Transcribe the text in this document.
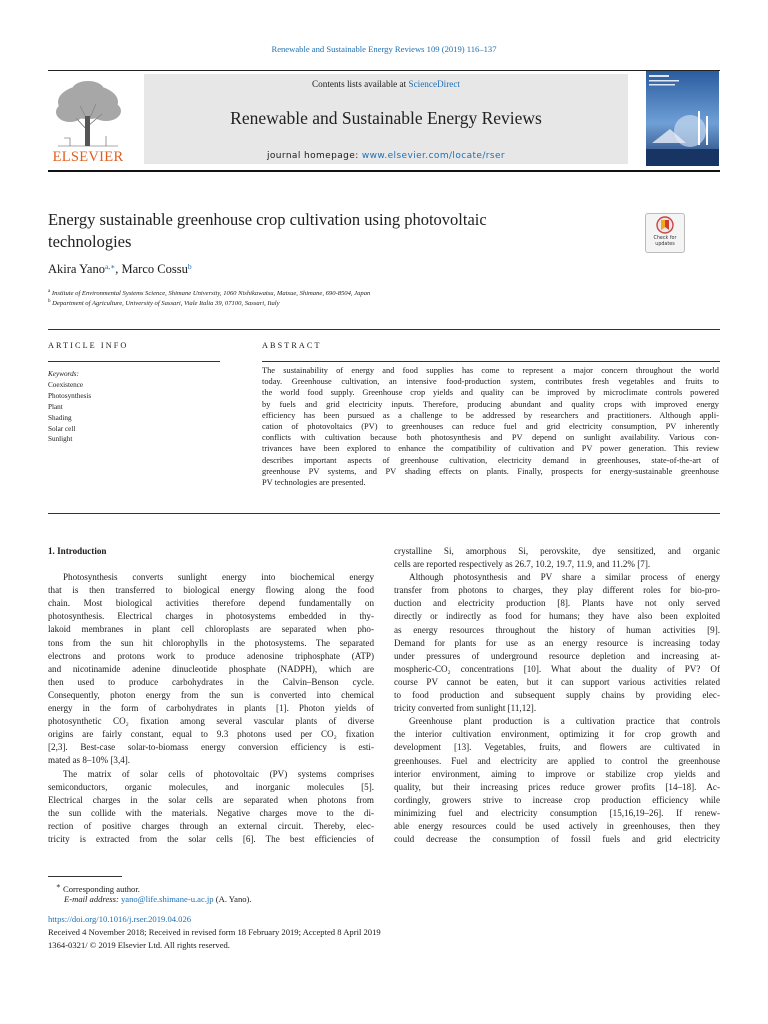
Renewable and Sustainable Energy Reviews 109 (2019) 116–137
ELSEVIER
Contents lists available at ScienceDirect
Renewable and Sustainable Energy Reviews
journal homepage: www.elsevier.com/locate/rser
Energy sustainable greenhouse crop cultivation using photovoltaic
technologies	Check for updates
Akira Yano$^{a,∗}$, Marco Cossu$^b$
$^a$ Institute of Environmental Systems Science, Shimane University, 1060 Nishikawatsu, Matsue, Shimane, 690-8504, Japan
$^b$ Department of Agriculture, University of Sassari, Viale Italia 39, 07100, Sassari, Italy
ARTICLE INFO	ABSTRACT
Keywords:
Coexistence
Photosynthesis
Plant
Shading
Solar cell
Sunlight
The sustainability of energy and food supplies has come to represent a major concern throughout the world
today. Greenhouse cultivation, an intensive food-production system, contributes fresh vegetables and fruits to
the world food supply. Greenhouse crop yields and quality can be improved by microclimate controls powered
by fuels and grid electricity inputs. Therefore, producing abundant and quality crops with improved energy
efficiency has been pursued as a challenge to be addressed by researchers and practitioners. Although appli-
cation of photovoltaics (PV) to greenhouses can reduce fuel and grid electricity consumption, PV inherently
conflicts with cultivation because both photosynthesis and PV depend on sunlight availability. Various con-
trivances have been explored to enhance the compatibility of cultivation and PV power generation. This review
describes important aspects of greenhouse cultivation, electricity demand in greenhouses, state-of-the-art of
greenhouse PV systems, and PV shading effects on plants. Finally, prospects for energy-sustainable greenhouse
PV technologies are presented.
1. Introduction
Photosynthesis converts sunlight energy into biochemical energy
that is then transferred to biological energy flowing along the food
chain. Most biological activities therefore depend fundamentally on
photosynthesis. Electrical charges in photosystems embedded in thy-
lakoid membranes in plant cell chloroplasts are separated when pho-
tons from the sun hit chlorophylls in the photosystems. The separated
electrons and protons work to produce adenosine triphosphate (ATP)
and nicotinamide adenine dinucleotide phosphate (NADPH), which are
then used to produce carbohydrates in the Calvin–Benson cycle.
Consequently, photon energy from the sun is converted into chemical
energy in the form of carbohydrates in plants [1]. Photon yields of
photosynthetic CO₂ fixation among several vascular plants of diverse
origins are fairly constant, equal to 9.3 photons used per CO₂ fixation
[2,3]. Best-case solar-to-biomass energy conversion efficiency is esti-
mated as 8–10% [3,4].
The matrix of solar cells of photovoltaic (PV) systems comprises
semiconductors, organic molecules, and inorganic molecules [5].
Electrical charges in the solar cells are separated when photons from
the sun collide with the materials. Negative charges move to the di-
rection of positive charges through an external circuit. Thereby, elec-
tricity is extracted from the solar cells [6]. The best efficiencies of
crystalline Si, amorphous Si, perovskite, dye sensitized, and organic
cells are reported respectively as 26.7, 10.2, 19.7, 11.9, and 11.2% [7].
Although photosynthesis and PV share a similar process of energy
transfer from photons to charges, they play different roles for bio-pro-
duction and electricity production [8]. Plants have not only served
directly or indirectly as food for humans; they have also been exploited
as energy resources throughout the history of human activities [9].
Demand for plants for use as an energy resource is increasing today
under pressures of underground resource depletion and increasing at-
mospheric-CO₂ concentrations [10]. What about the duality of PV? Of
course PV cannot be eaten, but it can support various activities related
to food production and subsequent supply chains by providing elec-
tricity converted from sunlight [11,12].
Greenhouse plant production is a cultivation practice that controls
the interior cultivation environment, optimizing it for crop growth and
development [13]. Vegetables, fruits, and flowers are cultivated in
greenhouses. Fuel and electricity are applied to control the greenhouse
interior environment, aiming to improve or stabilize crop yields and
quality, but their increasing prices reduce grower profits [14–18]. Ac-
cordingly, growers strive to increase crop production efficiency while
minimizing fuel and electricity consumption [15,16,19–26]. If renew-
able energy resources could be used actively in greenhouses, then they
could decrease the consumption of fossil fuels and grid electricity
∗ Corresponding author.
E-mail address: yano@life.shimane-u.ac.jp (A. Yano).
https://doi.org/10.1016/j.rser.2019.04.026
Received 4 November 2018; Received in revised form 18 February 2019; Accepted 8 April 2019
1364-0321/ © 2019 Elsevier Ltd. All rights reserved.
